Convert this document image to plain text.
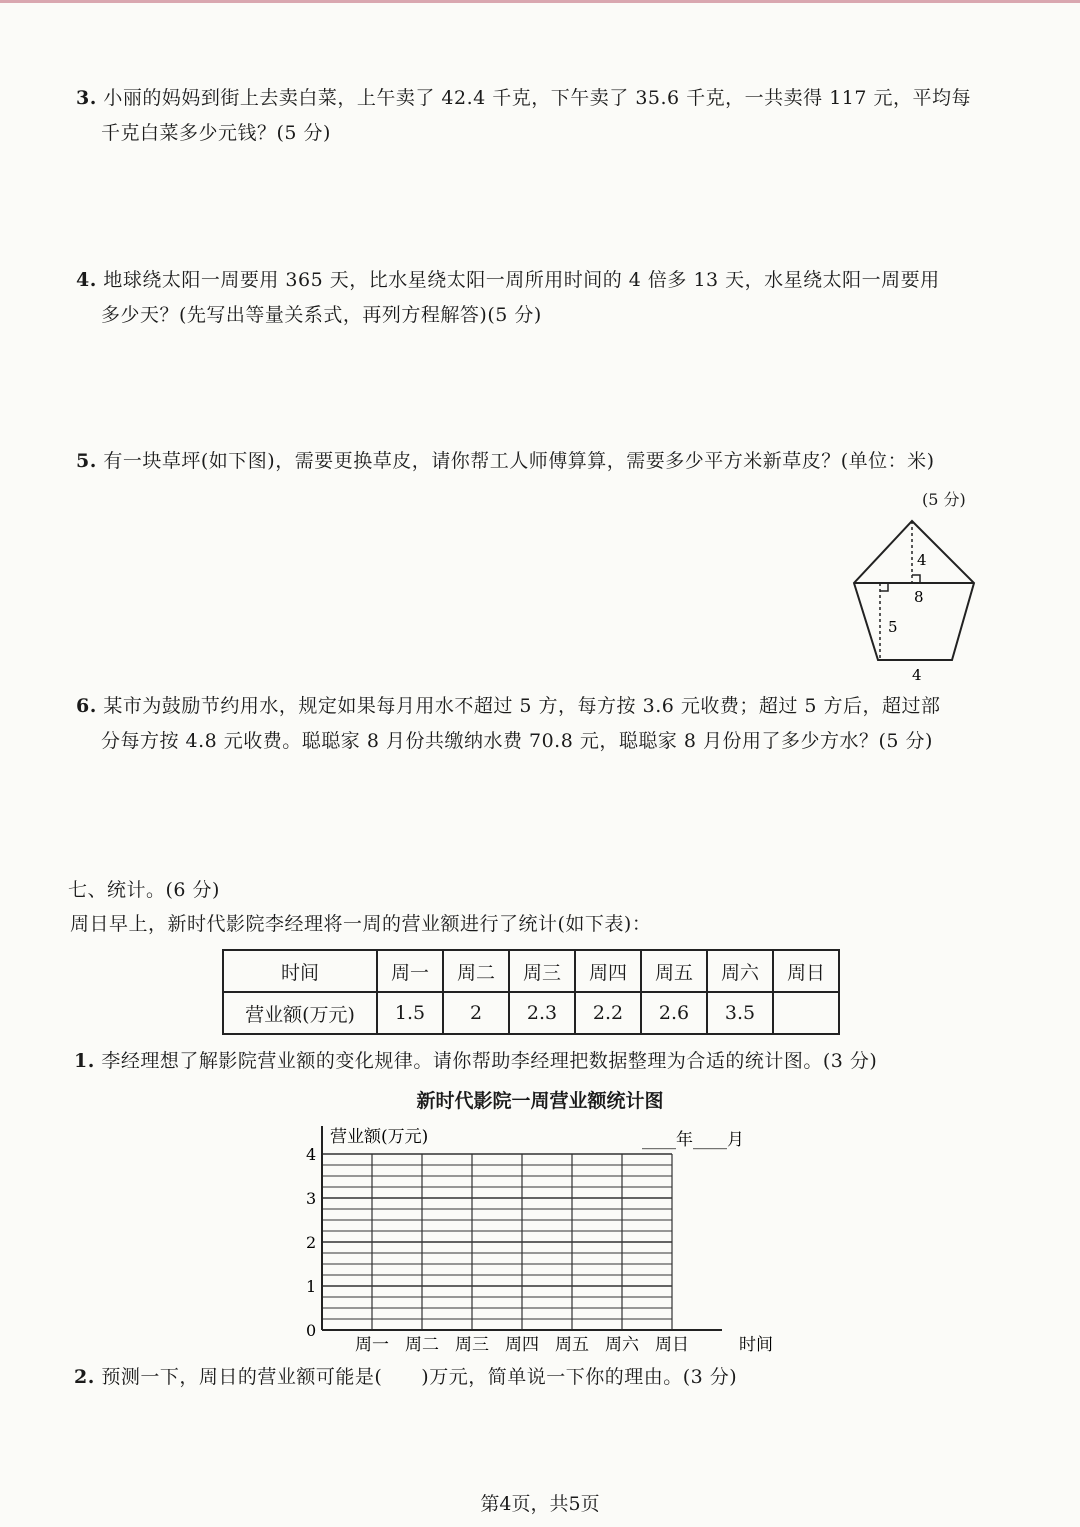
3. 小丽的妈妈到街上去卖白菜，上午卖了 42.4 千克，下午卖了 35.6 千克，一共卖得 117 元，平均每
千克白菜多少元钱？(5 分)
4. 地球绕太阳一周要用 365 天，比水星绕太阳一周所用时间的 4 倍多 13 天，水星绕太阳一周要用
多少天？(先写出等量关系式，再列方程解答)(5 分)
5. 有一块草坪(如下图)，需要更换草皮，请你帮工人师傅算算，需要多少平方米新草皮？(单位：米)
(5 分)
4
8
5
4
6. 某市为鼓励节约用水，规定如果每月用水不超过 5 方，每方按 3.6 元收费；超过 5 方后，超过部
分每方按 4.8 元收费。聪聪家 8 月份共缴纳水费 70.8 元，聪聪家 8 月份用了多少方水？(5 分)
七、统计。(6 分)
周日早上，新时代影院李经理将一周的营业额进行了统计(如下表)：
时间	周一	周二	周三	周四	周五	周六	周日
营业额(万元)	1.5	2	2.3	2.2	2.6	3.5	
1. 李经理想了解影院营业额的变化规律。请你帮助李经理把数据整理为合适的统计图。(3 分)
新时代影院一周营业额统计图
营业额(万元)	____年____月
0
1
2
3
4
周一 周二 周三 周四 周五 周六 周日	时间
2. 预测一下，周日的营业额可能是(　　)万元，简单说一下你的理由。(3 分)
第4页，共5页
